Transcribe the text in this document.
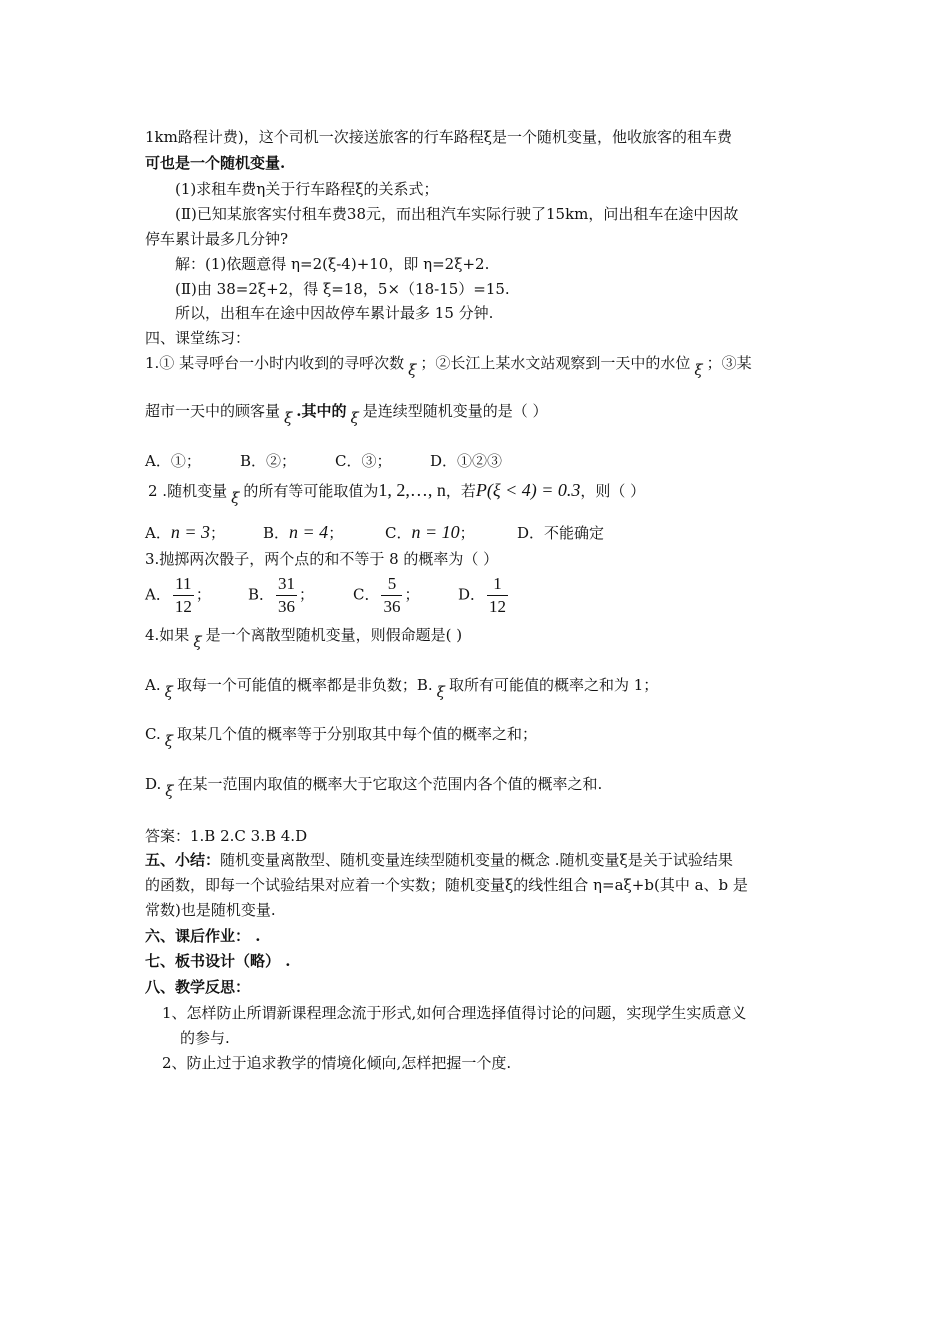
1km路程计费)，这个司机一次接送旅客的行车路程ξ是一个随机变量，他收旅客的租车费
可也是一个随机变量.
(1)求租车费η关于行车路程ξ的关系式；
(Ⅱ)已知某旅客实付租车费38元，而出租汽车实际行驶了15km，问出租车在途中因故
停车累计最多几分钟?
解：(1)依题意得 η=2(ξ-4)+10，即 η=2ξ+2.
(Ⅱ)由 38=2ξ+2，得 ξ=18，5×（18-15）=15.
所以，出租车在途中因故停车累计最多 15 分钟.
四、课堂练习：
1.① 某寻呼台一小时内收到的寻呼次数 ξ ；②长江上某水文站观察到一天中的水位 ξ ；③某
超市一天中的顾客量 ξ .其中的 ξ 是连续型随机变量的是（ ）
A．①；	B．②；	C．③；	D．①②③
2 .随机变量 ξ 的所有等可能取值为1, 2,…, n，若P(ξ < 4) = 0.3，则（ ）
A．n = 3；	B．n = 4；	C．n = 10；	D．不能确定
3.抛掷两次骰子，两个点的和不等于 8 的概率为（ ）
A． $\frac{11}{12}$ ； B． $\frac{31}{36}$ ；	C． $\frac{5}{36}$ ；	D． $\frac{1}{12}$
4.如果 ξ 是一个离散型随机变量，则假命题是( )
A. ξ 取每一个可能值的概率都是非负数；B. ξ 取所有可能值的概率之和为 1；
C. ξ 取某几个值的概率等于分别取其中每个值的概率之和；
D. ξ 在某一范围内取值的概率大于它取这个范围内各个值的概率之和.
答案：1.B 2.C 3.B 4.D
五、小结：随机变量离散型、随机变量连续型随机变量的概念 .随机变量ξ是关于试验结果
的函数，即每一个试验结果对应着一个实数；随机变量ξ的线性组合 η=aξ+b(其中 a、b 是
常数)也是随机变量.
六、课后作业： .
七、板书设计（略） .
八、教学反思：
1、怎样防止所谓新课程理念流于形式,如何合理选择值得讨论的问题，实现学生实质意义
的参与.
2、防止过于追求教学的情境化倾向,怎样把握一个度.
